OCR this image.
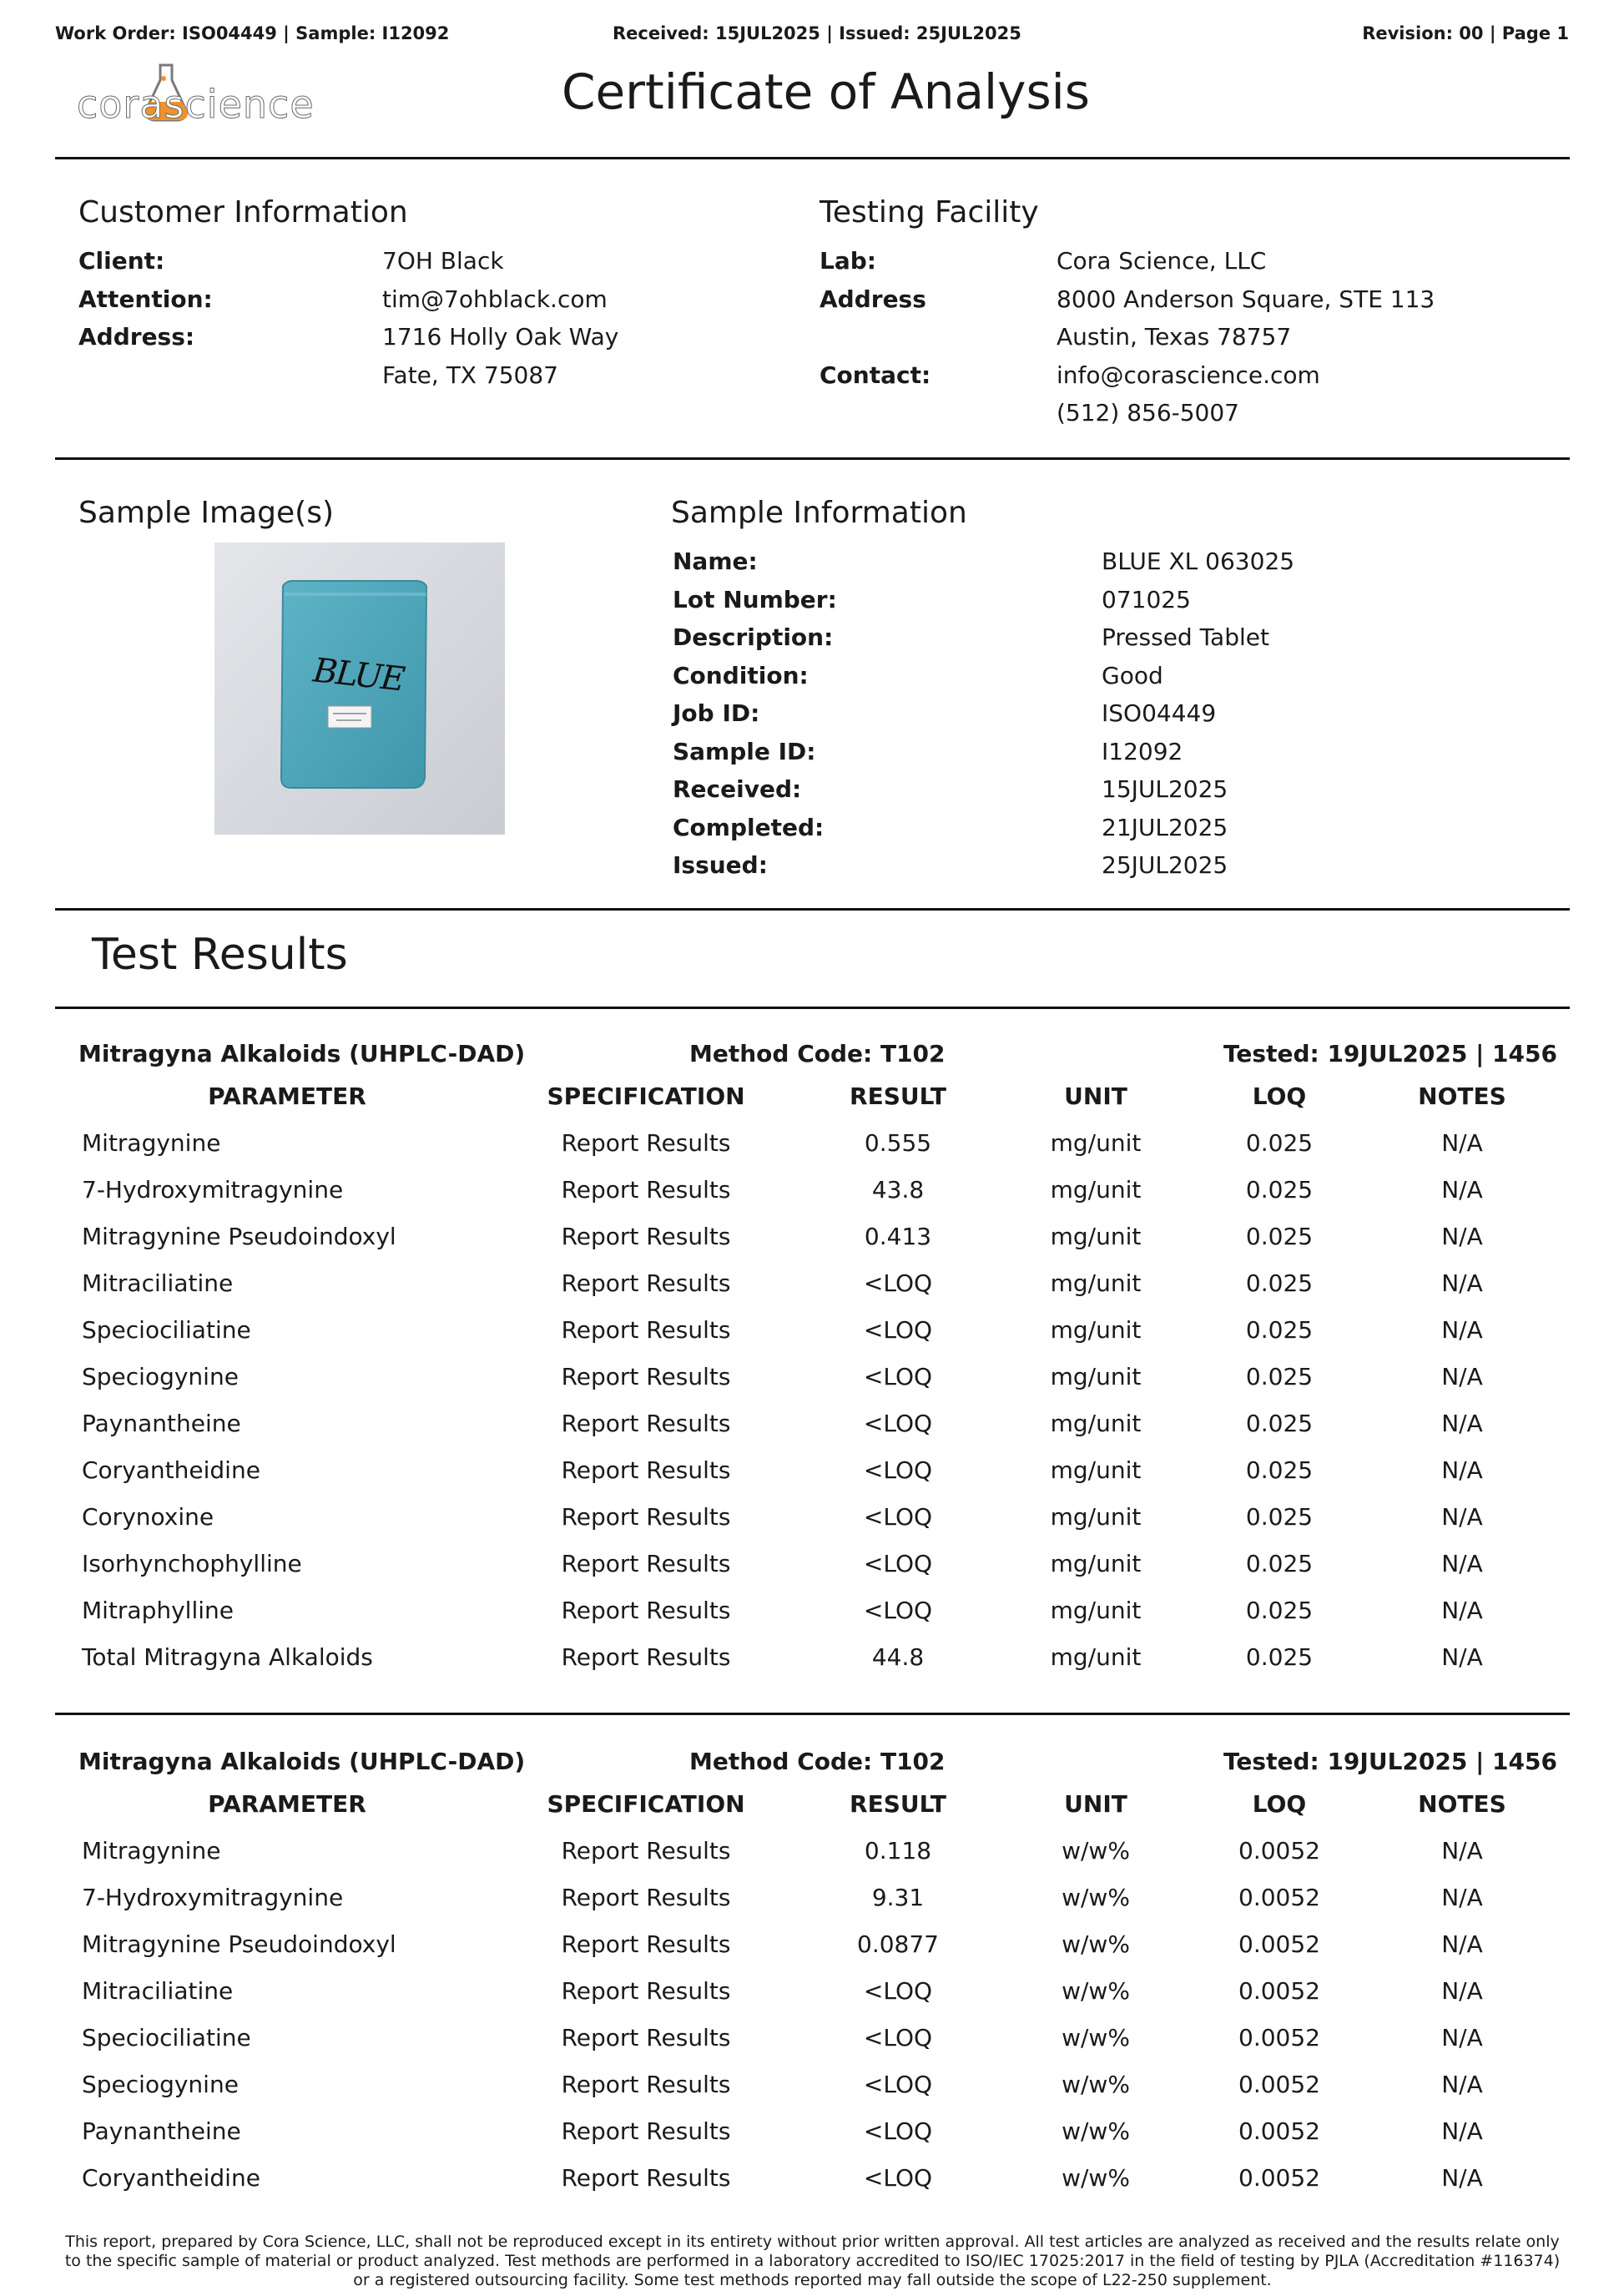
Work Order: ISO04449 | Sample: I12092	Received: 15JUL2025 | Issued: 25JUL2025	Revision: 00 | Page 1
corascience	Certificate of Analysis
Customer Information
Client:	7OH Black
Attention:	tim@7ohblack.com
Address:	1716 Holly Oak Way
Fate, TX 75087
Testing Facility
Lab:	Cora Science, LLC
Address	8000 Anderson Square, STE 113
Austin, Texas 78757
Contact:	info@corascience.com
(512) 856-5007
Sample Image(s)
BLUE
Sample Information
Name:	BLUE XL 063025
Lot Number:	071025
Description:	Pressed Tablet
Condition:	Good
Job ID:	ISO04449
Sample ID:	I12092
Received:	15JUL2025
Completed:	21JUL2025
Issued:	25JUL2025
Test Results
Mitragyna Alkaloids (UHPLC-DAD)	Method Code: T102	Tested: 19JUL2025 | 1456
PARAMETER	SPECIFICATION	RESULT	UNIT	LOQ	NOTES
Mitragynine	Report Results	0.555	mg/unit	0.025	N/A
7-Hydroxymitragynine	Report Results	43.8	mg/unit	0.025	N/A
Mitragynine Pseudoindoxyl	Report Results	0.413	mg/unit	0.025	N/A
Mitraciliatine	Report Results	<LOQ	mg/unit	0.025	N/A
Speciociliatine	Report Results	<LOQ	mg/unit	0.025	N/A
Speciogynine	Report Results	<LOQ	mg/unit	0.025	N/A
Paynantheine	Report Results	<LOQ	mg/unit	0.025	N/A
Coryantheidine	Report Results	<LOQ	mg/unit	0.025	N/A
Corynoxine	Report Results	<LOQ	mg/unit	0.025	N/A
Isorhynchophylline	Report Results	<LOQ	mg/unit	0.025	N/A
Mitraphylline	Report Results	<LOQ	mg/unit	0.025	N/A
Total Mitragyna Alkaloids	Report Results	44.8	mg/unit	0.025	N/A
Mitragyna Alkaloids (UHPLC-DAD)	Method Code: T102	Tested: 19JUL2025 | 1456
PARAMETER	SPECIFICATION	RESULT	UNIT	LOQ	NOTES
Mitragynine	Report Results	0.118	w/w%	0.0052	N/A
7-Hydroxymitragynine	Report Results	9.31	w/w%	0.0052	N/A
Mitragynine Pseudoindoxyl	Report Results	0.0877	w/w%	0.0052	N/A
Mitraciliatine	Report Results	<LOQ	w/w%	0.0052	N/A
Speciociliatine	Report Results	<LOQ	w/w%	0.0052	N/A
Speciogynine	Report Results	<LOQ	w/w%	0.0052	N/A
Paynantheine	Report Results	<LOQ	w/w%	0.0052	N/A
Coryantheidine	Report Results	<LOQ	w/w%	0.0052	N/A
This report, prepared by Cora Science, LLC, shall not be reproduced except in its entirety without prior written approval. All test articles are analyzed as received and the results relate only
to the specific sample of material or product analyzed. Test methods are performed in a laboratory accredited to ISO/IEC 17025:2017 in the field of testing by PJLA (Accreditation #116374)
or a registered outsourcing facility. Some test methods reported may fall outside the scope of L22-250 supplement.
